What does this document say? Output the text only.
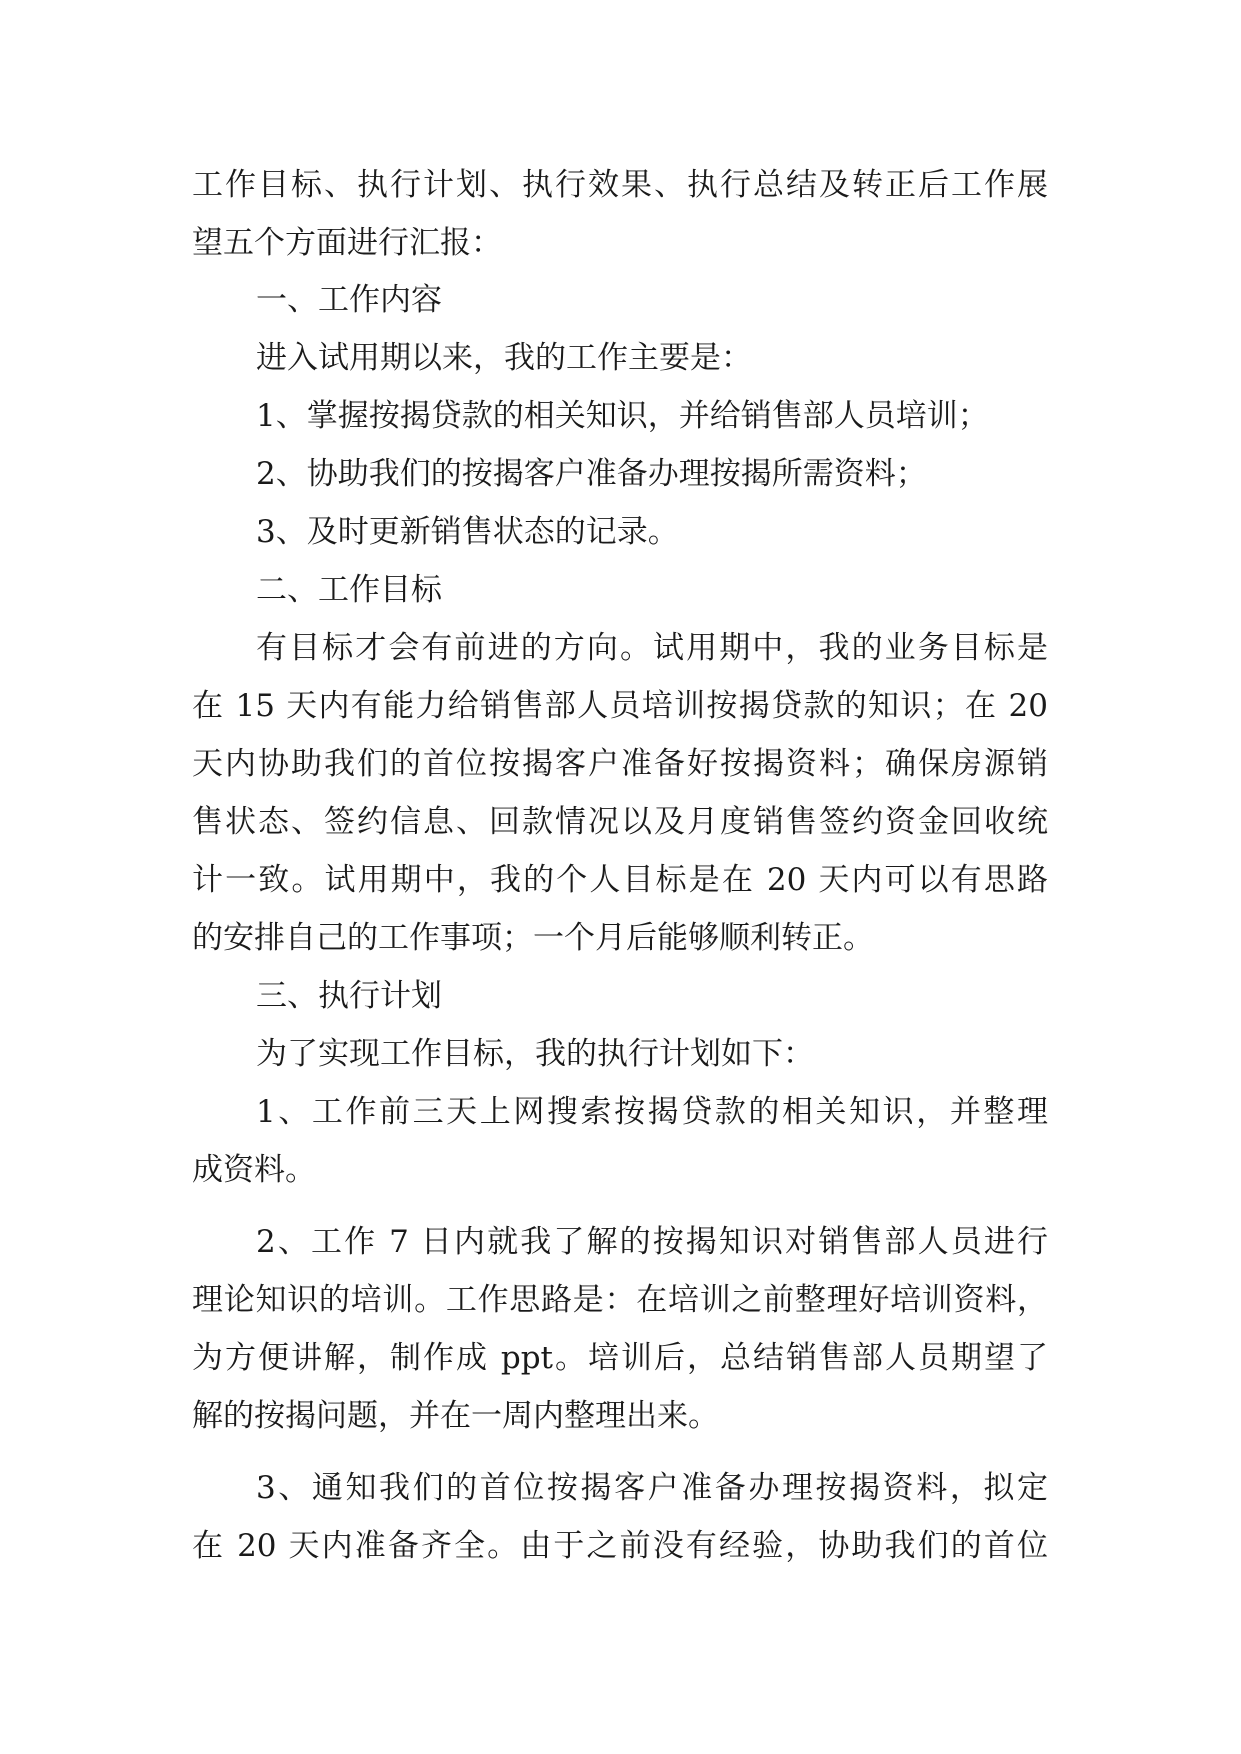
工作目标、执行计划、执行效果、执行总结及转正后工作展
望五个方面进行汇报：
一、工作内容
进入试用期以来，我的工作主要是：
1、掌握按揭贷款的相关知识，并给销售部人员培训；
2、协助我们的按揭客户准备办理按揭所需资料；
3、及时更新销售状态的记录。
二、工作目标
有目标才会有前进的方向。试用期中，我的业务目标是
在 15 天内有能力给销售部人员培训按揭贷款的知识；在 20
天内协助我们的首位按揭客户准备好按揭资料；确保房源销
售状态、签约信息、回款情况以及月度销售签约资金回收统
计一致。试用期中，我的个人目标是在 20 天内可以有思路
的安排自己的工作事项；一个月后能够顺利转正。
三、执行计划
为了实现工作目标，我的执行计划如下：
1、工作前三天上网搜索按揭贷款的相关知识，并整理
成资料。
2、工作 7 日内就我了解的按揭知识对销售部人员进行
理论知识的培训。工作思路是：在培训之前整理好培训资料，
为方便讲解，制作成 ppt。培训后，总结销售部人员期望了
解的按揭问题，并在一周内整理出来。
3、通知我们的首位按揭客户准备办理按揭资料，拟定
在 20 天内准备齐全。由于之前没有经验，协助我们的首位
